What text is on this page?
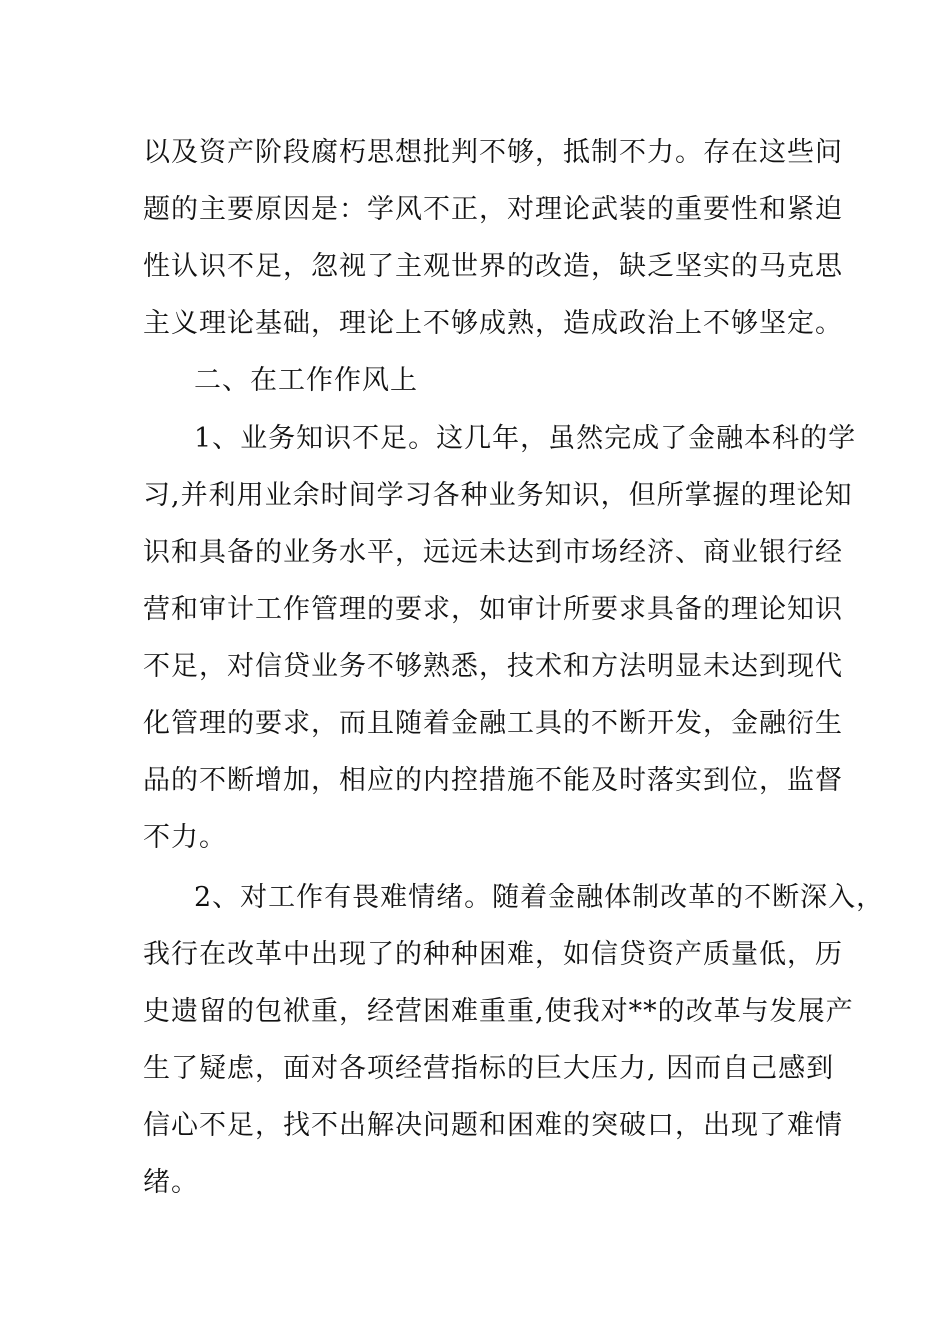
以及资产阶段腐朽思想批判不够，抵制不力。存在这些问
题的主要原因是：学风不正，对理论武装的重要性和紧迫
性认识不足，忽视了主观世界的改造，缺乏坚实的马克思
主义理论基础，理论上不够成熟，造成政治上不够坚定。
二、在工作作风上
1、业务知识不足。这几年，虽然完成了金融本科的学
习,并利用业余时间学习各种业务知识，但所掌握的理论知
识和具备的业务水平，远远未达到市场经济、商业银行经
营和审计工作管理的要求，如审计所要求具备的理论知识
不足，对信贷业务不够熟悉，技术和方法明显未达到现代
化管理的要求，而且随着金融工具的不断开发，金融衍生
品的不断增加，相应的内控措施不能及时落实到位，监督
不力。
2、对工作有畏难情绪。随着金融体制改革的不断深入，
我行在改革中出现了的种种困难，如信贷资产质量低，历
史遗留的包袱重，经营困难重重,使我对**的改革与发展产
生了疑虑，面对各项经营指标的巨大压力, 因而自己感到
信心不足，找不出解决问题和困难的突破口，出现了难情
绪。
